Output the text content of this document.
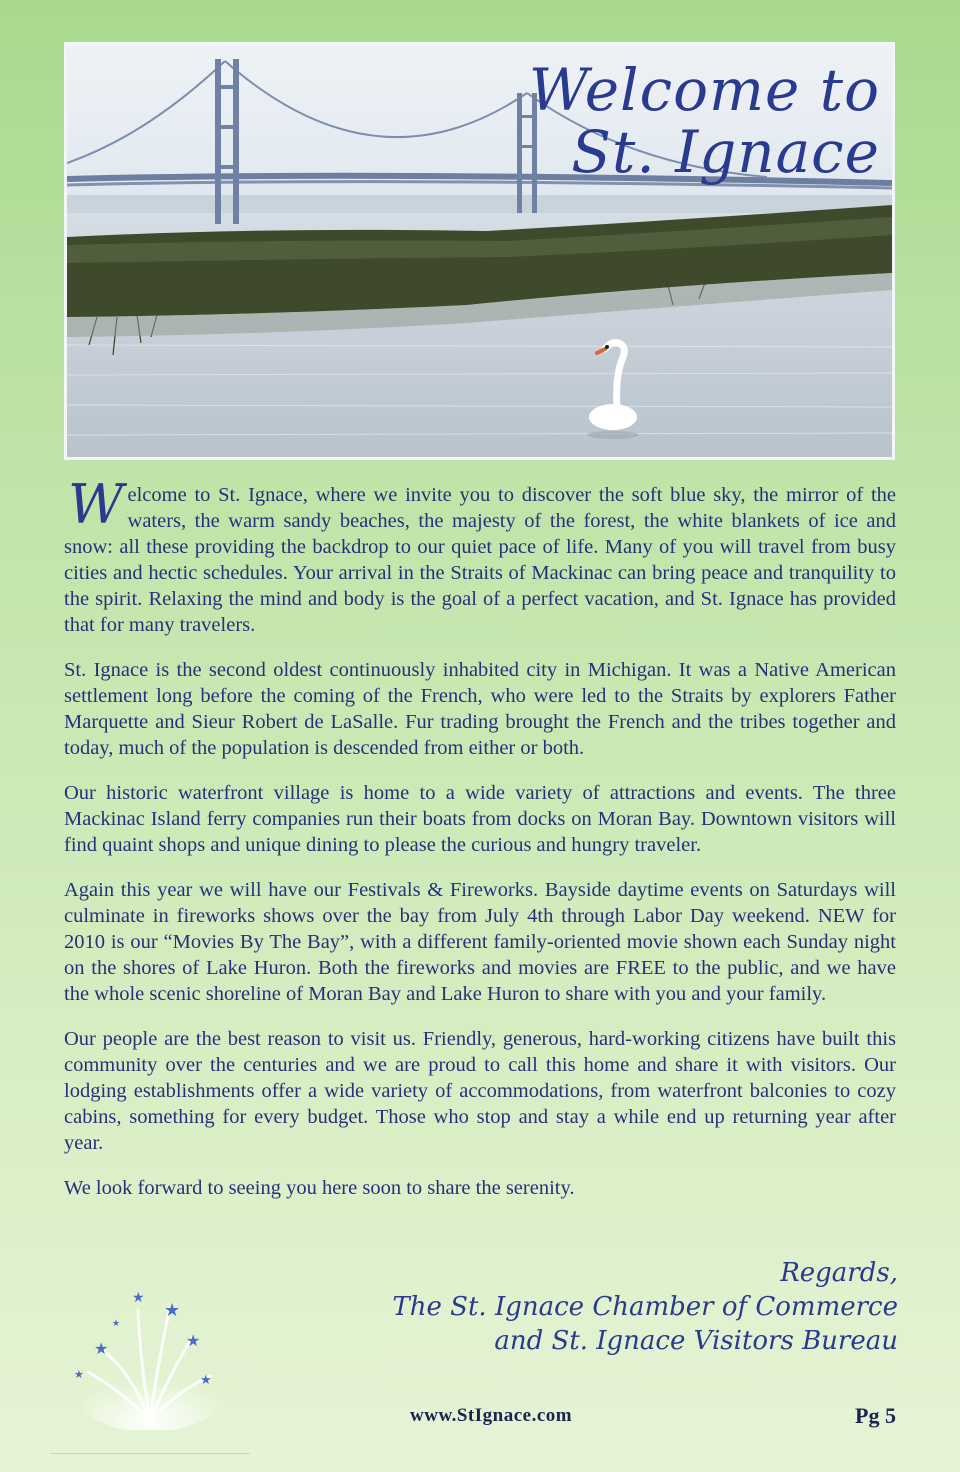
Welcome to
St. Ignace

Welcome to St. Ignace, where we invite you to discover the soft blue sky, the mirror of the waters, the warm sandy beaches, the majesty of the forest, the white blankets of ice and snow: all these providing the backdrop to our quiet pace of life. Many of you will travel from busy cities and hectic schedules. Your arrival in the Straits of Mackinac can bring peace and tranquility to the spirit. Relaxing the mind and body is the goal of a perfect vacation, and St. Ignace has provided that for many travelers.

St. Ignace is the second oldest continuously inhabited city in Michigan. It was a Native American settlement long before the coming of the French, who were led to the Straits by explorers Father Marquette and Sieur Robert de LaSalle. Fur trading brought the French and the tribes together and today, much of the population is descended from either or both.

Our historic waterfront village is home to a wide variety of attractions and events. The three Mackinac Island ferry companies run their boats from docks on Moran Bay. Downtown visitors will find quaint shops and unique dining to please the curious and hungry traveler.

Again this year we will have our Festivals & Fireworks. Bayside daytime events on Saturdays will culminate in fireworks shows over the bay from July 4th through Labor Day weekend. NEW for 2010 is our “Movies By The Bay”, with a different family-oriented movie shown each Sunday night on the shores of Lake Huron. Both the fireworks and movies are FREE to the public, and we have the whole scenic shoreline of Moran Bay and Lake Huron to share with you and your family.

Our people are the best reason to visit us. Friendly, generous, hard-working citizens have built this community over the centuries and we are proud to call this home and share it with visitors. Our lodging establishments offer a wide variety of accommodations, from waterfront balconies to cozy cabins, something for every budget. Those who stop and stay a while end up returning year after year.

We look forward to seeing you here soon to share the serenity.

Regards,
The St. Ignace Chamber of Commerce
and St. Ignace Visitors Bureau
★
★
★
★
★	★
★
www.StIgnace.com	Pg 5
